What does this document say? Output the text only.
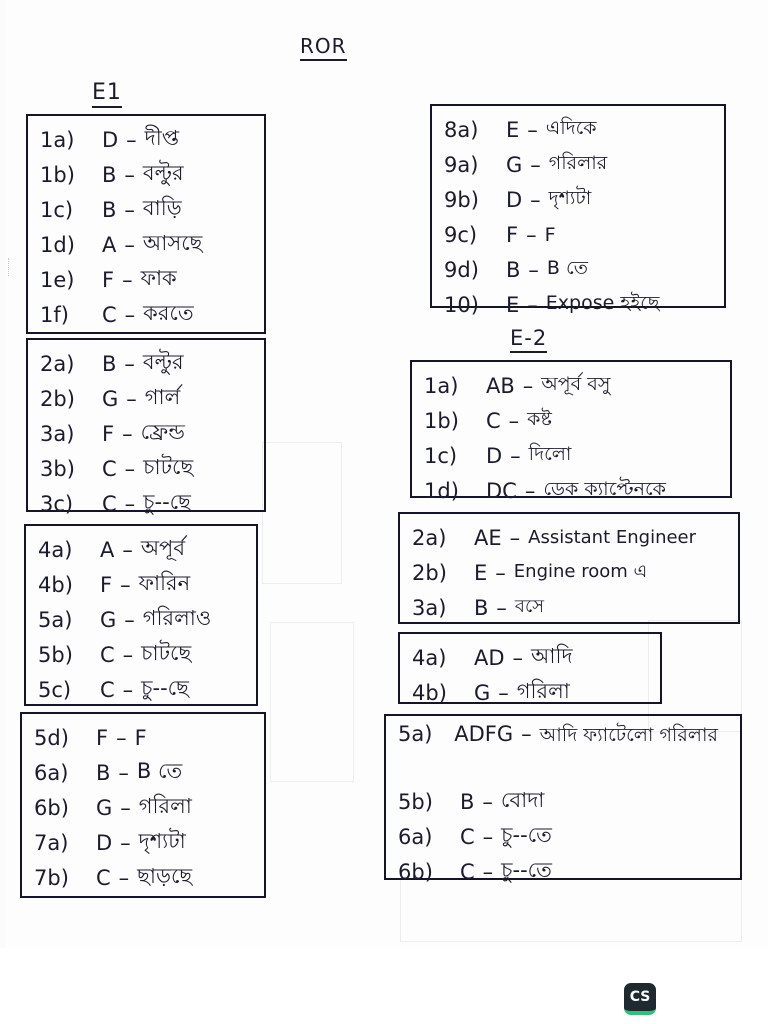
ROR
E1
E-2
1a)	D – দীপ্ত
1b)	B – বল্টুর
1c)	B – বাড়ি
1d)	A – আসছে
1e)	F – ফাক
1f)	C – করতে
2a)	B – বল্টুর
2b)	G – গার্ল
3a)	F – ফ্রেন্ড
3b)	C – চাটছে
3c)	C – চু--ছে
4a)	A – অপূর্ব
4b)	F – ফারিন
5a)	G – গরিলাও
5b)	C – চাটছে
5c)	C – চু--ছে
5d)	F – F
6a)	B – B তে
6b)	G – গরিলা
7a)	D – দৃশ্যটা
7b)	C – ছাড়ছে
8a)	E – এদিকে
9a)	G – গরিলার
9b)	D – দৃশ্যটা
9c)	F – F
9d)	B – B তে
10)	E – Expose হইছে
1a)	AB – অপূর্ব বসু
1b)	C – কষ্ট
1c)	D – দিলো
1d)	DC – ডেক ক্যাপ্টেনকে
2a)	AE – Assistant Engineer
2b)	E – Engine room এ
3a)	B – বসে
4a)	AD – আদি
4b)	G – গরিলা
5a)	ADFG – আদি ফ্যাটেলো গরিলার
5b)	B – বোদা
6a)	C – চু--তে
6b)	C – চু--তে
CS
